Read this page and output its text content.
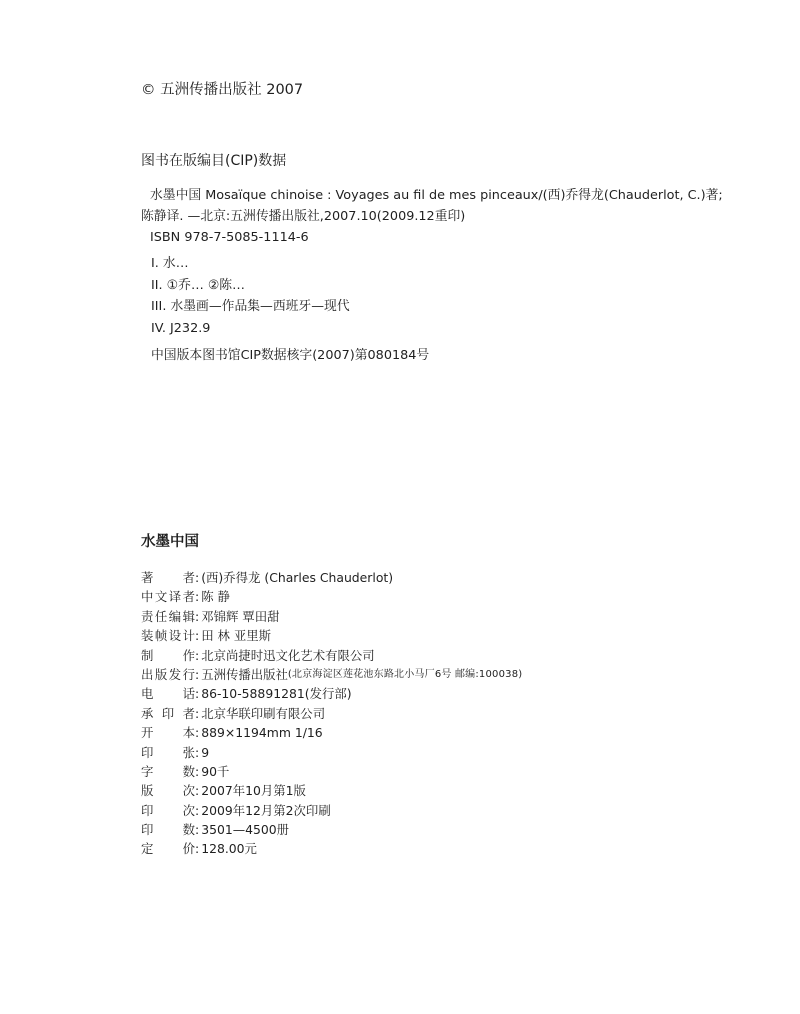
© 五洲传播出版社 2007
图书在版编目(CIP)数据
水墨中国 Mosaïque chinoise : Voyages au fil de mes pinceaux/(西)乔得龙(Chauderlot, C.)著;
陈静译. —北京:五洲传播出版社,2007.10(2009.12重印)
ISBN 978-7-5085-1114-6
I. 水…
II. ①乔… ②陈…
III. 水墨画—作品集—西班牙—现代
IV. J232.9
中国版本图书馆CIP数据核字(2007)第080184号
水墨中国
著 者 : (西)乔得龙 (Charles Chauderlot)
中 文 译 者 : 陈 静
责 任 编 辑 : 邓锦辉 覃田甜
装 帧 设 计 : 田 林 亚里斯
制 作 : 北京尚捷时迅文化艺术有限公司
出 版 发 行 : 五洲传播出版社 (北京海淀区莲花池东路北小马厂6号 邮编:100038)
电 话 : 86-10-58891281(发行部)
承 印 者 : 北京华联印刷有限公司
开 本 : 889×1194mm 1/16
印 张 : 9
字 数 : 90千
版 次 : 2007年10月第1版
印 次 : 2009年12月第2次印刷
印 数 : 3501—4500册
定 价 : 128.00元
